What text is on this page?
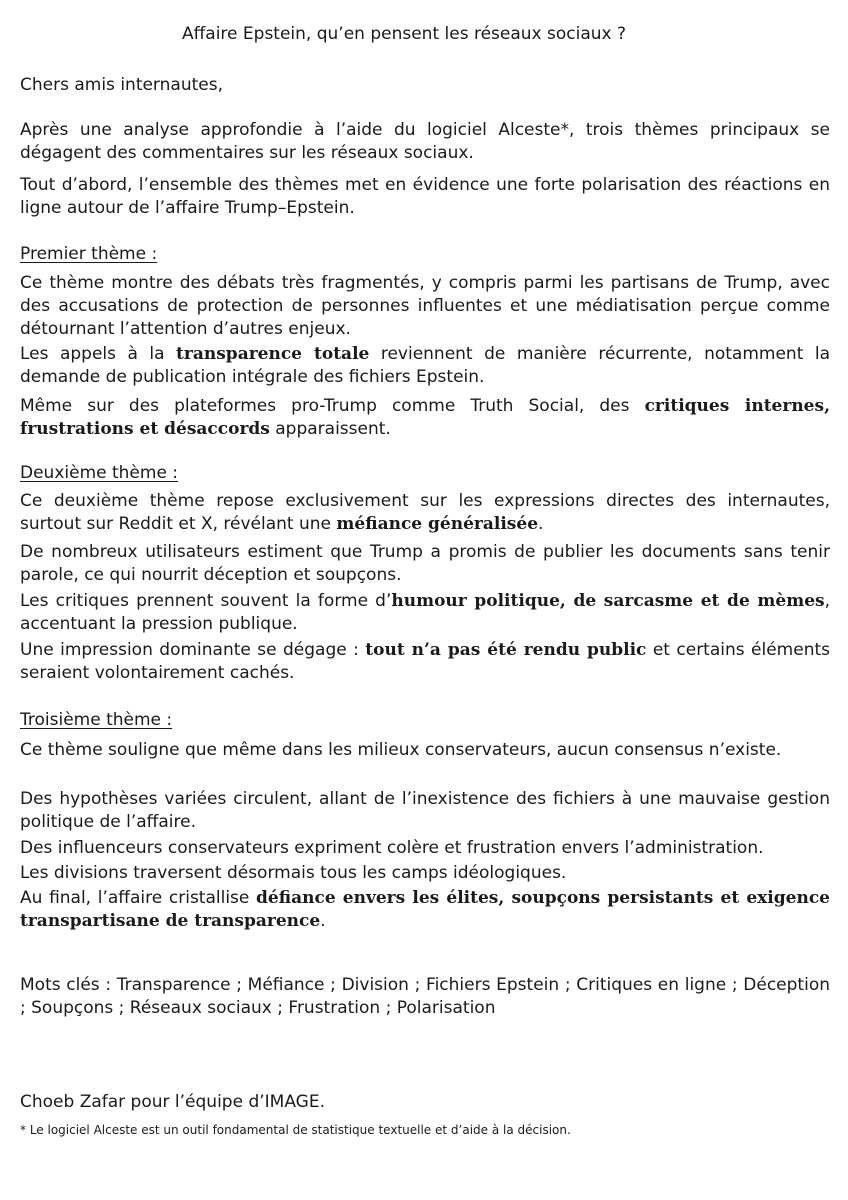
Affaire Epstein, qu’en pensent les réseaux sociaux ?
Chers amis internautes,
Après une analyse approfondie à l’aide du logiciel Alceste*, trois thèmes principaux se dégagent des commentaires sur les réseaux sociaux.
Tout d’abord, l’ensemble des thèmes met en évidence une forte polarisation des réactions en ligne autour de l’affaire Trump–Epstein.
Premier thème :
Ce thème montre des débats très fragmentés, y compris parmi les partisans de Trump, avec des accusations de protection de personnes influentes et une médiatisation perçue comme détournant l’attention d’autres enjeux.
Les appels à la transparence totale reviennent de manière récurrente, notamment la demande de publication intégrale des fichiers Epstein.
Même sur des plateformes pro-Trump comme Truth Social, des critiques internes, frustrations et désaccords apparaissent.
Deuxième thème :
Ce deuxième thème repose exclusivement sur les expressions directes des internautes, surtout sur Reddit et X, révélant une méfiance généralisée.
De nombreux utilisateurs estiment que Trump a promis de publier les documents sans tenir parole, ce qui nourrit déception et soupçons.
Les critiques prennent souvent la forme d’humour politique, de sarcasme et de mèmes, accentuant la pression publique.
Une impression dominante se dégage : tout n’a pas été rendu public et certains éléments seraient volontairement cachés.
Troisième thème :
Ce thème souligne que même dans les milieux conservateurs, aucun consensus n’existe.
Des hypothèses variées circulent, allant de l’inexistence des fichiers à une mauvaise gestion politique de l’affaire.
Des influenceurs conservateurs expriment colère et frustration envers l’administration.
Les divisions traversent désormais tous les camps idéologiques.
Au final, l’affaire cristallise défiance envers les élites, soupçons persistants et exigence transpartisane de transparence.
Mots clés : Transparence ; Méfiance ; Division ; Fichiers Epstein ; Critiques en ligne ; Déception ; Soupçons ; Réseaux sociaux ; Frustration ; Polarisation
Choeb Zafar pour l’équipe d’IMAGE.
* Le logiciel Alceste est un outil fondamental de statistique textuelle et d’aide à la décision.
